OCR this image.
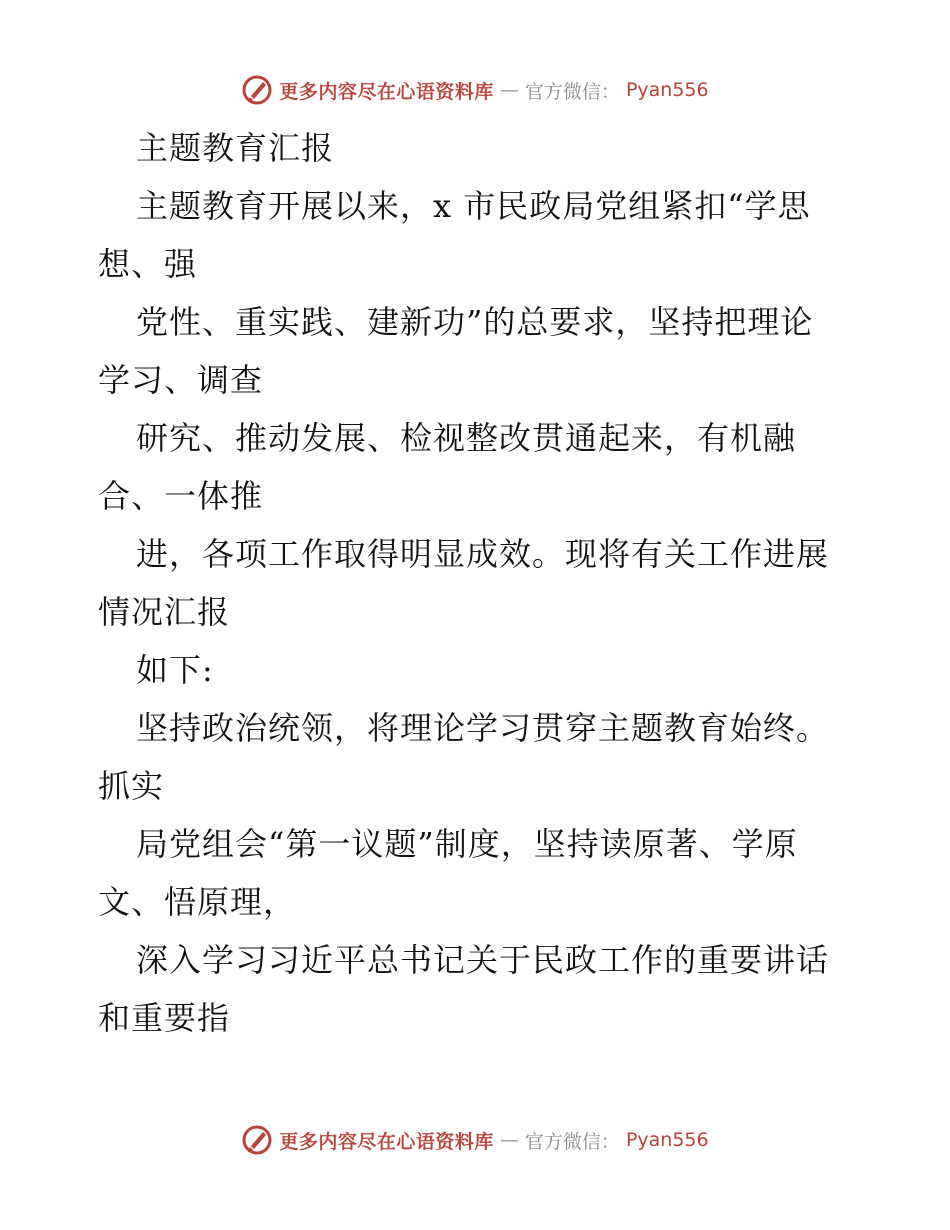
更多内容尽在心语资料库 — 官方微信： Pyan556
主题教育汇报
主题教育开展以来，x 市民政局党组紧扣“学思
想、强
党性、重实践、建新功”的总要求，坚持把理论
学习、调查
研究、推动发展、检视整改贯通起来，有机融
合、一体推
进，各项工作取得明显成效。现将有关工作进展
情况汇报
如下:
坚持政治统领，将理论学习贯穿主题教育始终。
抓实
局党组会“第一议题”制度，坚持读原著、学原
文、悟原理，
深入学习习近平总书记关于民政工作的重要讲话
和重要指
更多内容尽在心语资料库 — 官方微信： Pyan556
